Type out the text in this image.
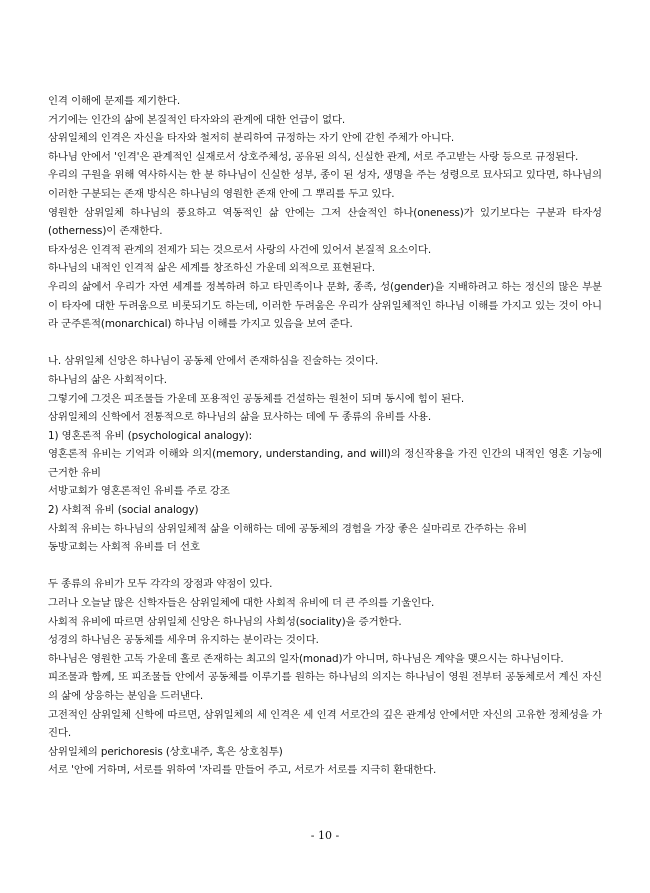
인격 이해에 문제를 제기한다.
거기에는 인간의 삶에 본질적인 타자와의 관계에 대한 언급이 없다.
삼위일체의 인격은 자신을 타자와 철저히 분리하여 규정하는 자기 안에 갇힌 주체가 아니다.
하나님 안에서 '인격'은 관계적인 실재로서 상호주체성, 공유된 의식, 신실한 관계, 서로 주고받는 사랑 등으로 규정된다.
우리의 구원을 위해 역사하시는 한 분 하나님이 신실한 성부, 종이 된 성자, 생명을 주는 성령으로 묘사되고 있다면, 하나님의 이러한 구분되는 존재 방식은 하나님의 영원한 존재 안에 그 뿌리를 두고 있다.
영원한 삼위일체 하나님의 풍요하고 역동적인 삶 안에는 그저 산술적인 하나(oneness)가 있기보다는 구분과 타자성(otherness)이 존재한다.
타자성은 인격적 관계의 전제가 되는 것으로서 사랑의 사건에 있어서 본질적 요소이다.
하나님의 내적인 인격적 삶은 세계를 창조하신 가운데 외적으로 표현된다.
우리의 삶에서 우리가 자연 세계를 정복하려 하고 타민족이나 문화, 종족, 성(gender)을 지배하려고 하는 정신의 많은 부분이 타자에 대한 두려움으로 비롯되기도 하는데, 이러한 두려움은 우리가 삼위일체적인 하나님 이해를 가지고 있는 것이 아니라 군주론적(monarchical) 하나님 이해를 가지고 있음을 보여 준다.
나. 삼위일체 신앙은 하나님이 공동체 안에서 존재하심을 진술하는 것이다.
하나님의 삶은 사회적이다.
그렇기에 그것은 피조물들 가운데 포용적인 공동체를 건설하는 원천이 되며 동시에 힘이 된다.
삼위일체의 신학에서 전통적으로 하나님의 삶을 묘사하는 데에 두 종류의 유비를 사용.
1) 영혼론적 유비 (psychological analogy):
영혼론적 유비는 기억과 이해와 의지(memory, understanding, and will)의 정신작용을 가진 인간의 내적인 영혼 기능에 근거한 유비
서방교회가 영혼론적인 유비를 주로 강조
2) 사회적 유비 (social analogy)
사회적 유비는 하나님의 삼위일체적 삶을 이해하는 데에 공동체의 경험을 가장 좋은 실마리로 간주하는 유비
동방교회는 사회적 유비를 더 선호
두 종류의 유비가 모두 각각의 장점과 약점이 있다.
그러나 오늘날 많은 신학자들은 삼위일체에 대한 사회적 유비에 더 큰 주의를 기울인다.
사회적 유비에 따르면 삼위일체 신앙은 하나님의 사회성(sociality)을 증거한다.
성경의 하나님은 공동체를 세우며 유지하는 분이라는 것이다.
하나님은 영원한 고독 가운데 홀로 존재하는 최고의 일자(monad)가 아니며, 하나님은 계약을 맺으시는 하나님이다.
피조물과 함께, 또 피조물들 안에서 공동체를 이루기를 원하는 하나님의 의지는 하나님이 영원 전부터 공동체로서 계신 자신의 삶에 상응하는 분임을 드러낸다.
고전적인 삼위일체 신학에 따르면, 삼위일체의 세 인격은 세 인격 서로간의 깊은 관계성 안에서만 자신의 고유한 정체성을 가진다.
삼위일체의 perichoresis (상호내주, 혹은 상호침투)
서로 '안에 거하며, 서로를 위하여 '자리를 만들어 주고, 서로가 서로를 지극히 환대한다.
- 10 -
